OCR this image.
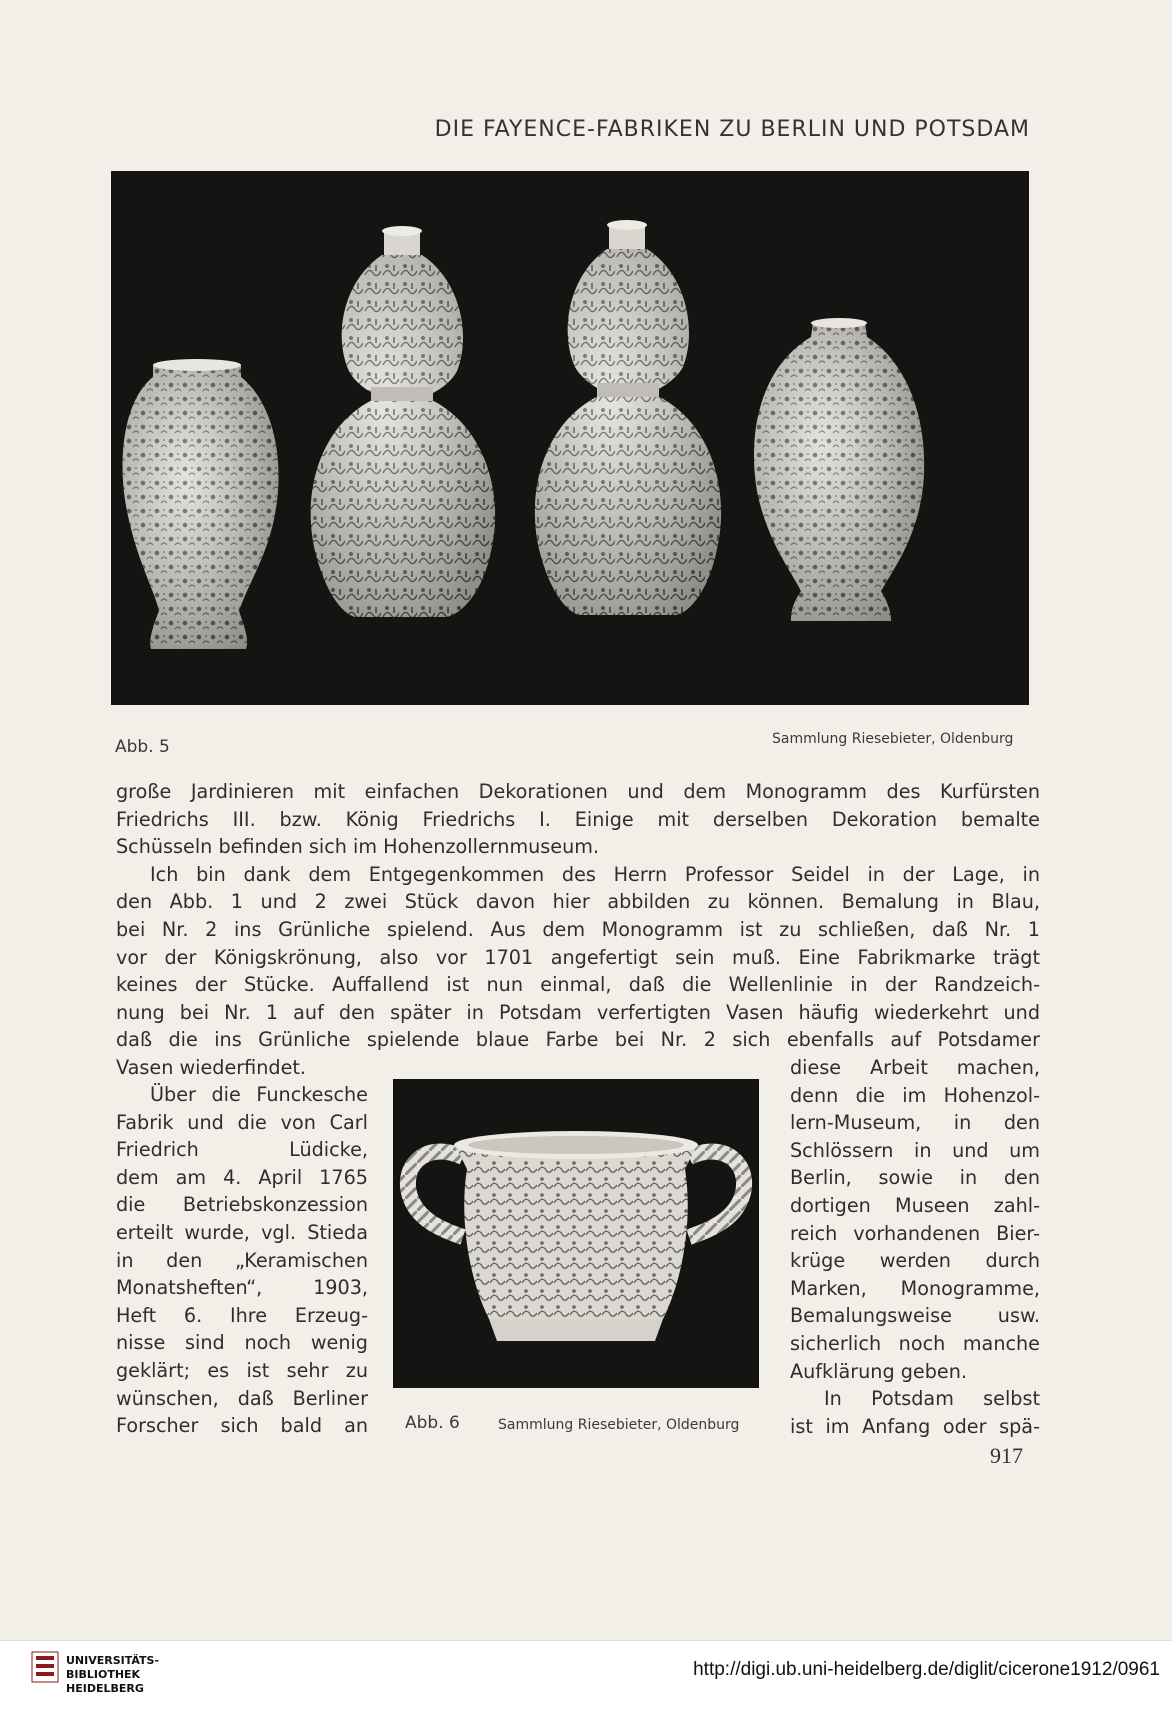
DIE FAYENCE-FABRIKEN ZU BERLIN UND POTSDAM
Abb. 5	Sammlung Riesebieter, Oldenburg
große Jardinieren mit einfachen Dekorationen und dem Monogramm des Kurfürsten
Friedrichs III. bzw. König Friedrichs I. Einige mit derselben Dekoration bemalte
Schüsseln befinden sich im Hohenzollernmuseum.
Ich bin dank dem Entgegenkommen des Herrn Professor Seidel in der Lage, in
den Abb. 1 und 2 zwei Stück davon hier abbilden zu können. Bemalung in Blau,
bei Nr. 2 ins Grünliche spielend. Aus dem Monogramm ist zu schließen, daß Nr. 1
vor der Königskrönung, also vor 1701 angefertigt sein muß. Eine Fabrikmarke trägt
keines der Stücke. Auffallend ist nun einmal, daß die Wellenlinie in der Randzeich-
nung bei Nr. 1 auf den später in Potsdam verfertigten Vasen häufig wiederkehrt und
daß die ins Grünliche spielende blaue Farbe bei Nr. 2 sich ebenfalls auf Potsdamer
Vasen wiederfindet.
Über die Funckesche
Fabrik und die von Carl
Friedrich Lüdicke,
dem am 4. April 1765
die Betriebskonzession
erteilt wurde, vgl. Stieda
in den „Keramischen
Monatsheften“, 1903,
Heft 6. Ihre Erzeug-
nisse sind noch wenig
geklärt; es ist sehr zu
wünschen, daß Berliner
Forscher sich bald an Abb. 6	Sammlung Riesebieter, Oldenburg
diese Arbeit machen,
denn die im Hohenzol-
lern-Museum, in den
Schlössern in und um
Berlin, sowie in den
dortigen Museen zahl-
reich vorhandenen Bier-
krüge werden durch
Marken, Monogramme,
Bemalungsweise usw.
sicherlich noch manche
Aufklärung geben.
In Potsdam selbst
ist im Anfang oder spä-
917
UNIVERSITÄTS-
BIBLIOTHEK
HEIDELBERG
http://digi.ub.uni-heidelberg.de/diglit/cicerone1912/0961
